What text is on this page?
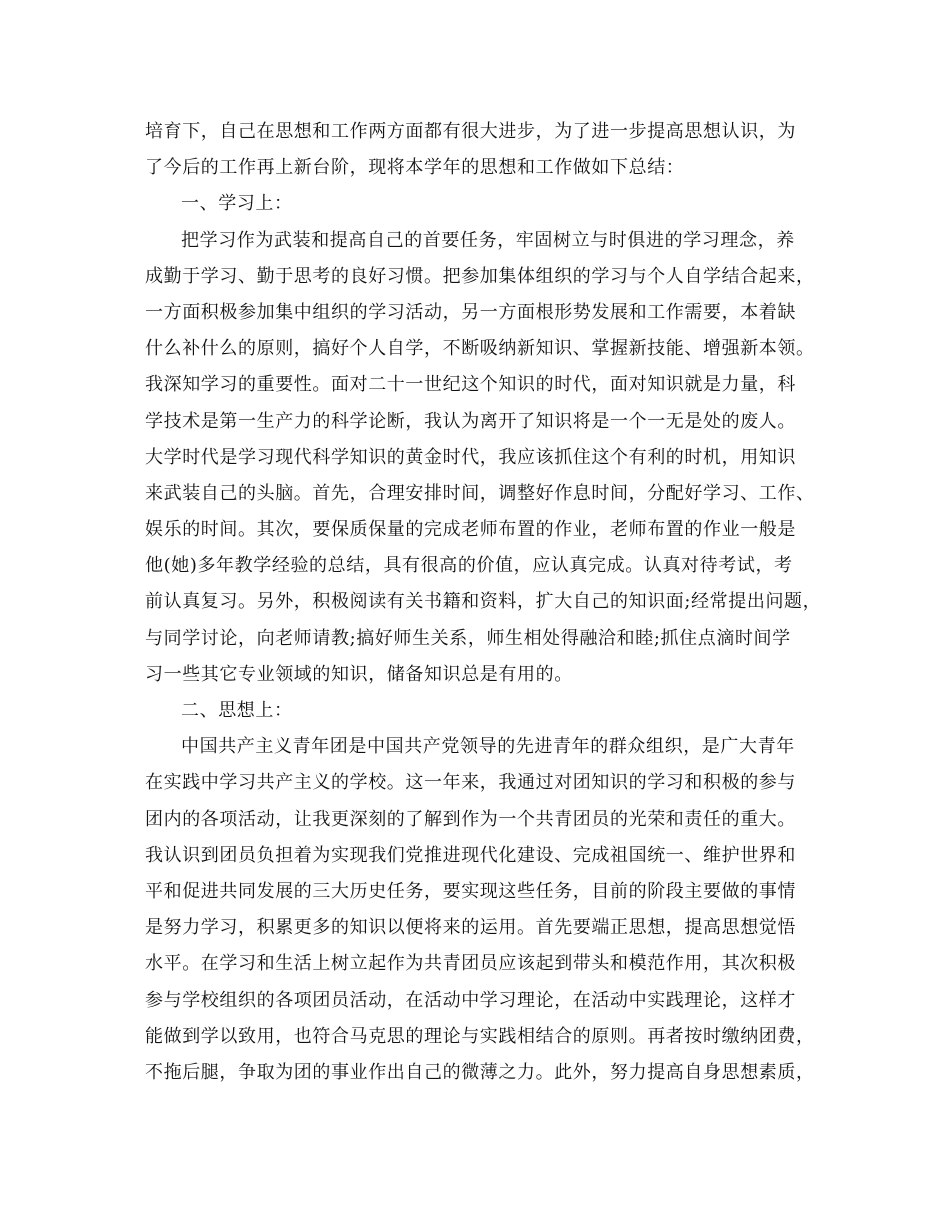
培育下，自己在思想和工作两方面都有很大进步，为了进一步提高思想认识，为
了今后的工作再上新台阶，现将本学年的思想和工作做如下总结：
一、学习上：
把学习作为武装和提高自己的首要任务，牢固树立与时俱进的学习理念，养
成勤于学习、勤于思考的良好习惯。把参加集体组织的学习与个人自学结合起来，
一方面积极参加集中组织的学习活动，另一方面根形势发展和工作需要，本着缺
什么补什么的原则，搞好个人自学，不断吸纳新知识、掌握新技能、增强新本领。
我深知学习的重要性。面对二十一世纪这个知识的时代，面对知识就是力量，科
学技术是第一生产力的科学论断，我认为离开了知识将是一个一无是处的废人。
大学时代是学习现代科学知识的黄金时代，我应该抓住这个有利的时机，用知识
来武装自己的头脑。首先，合理安排时间，调整好作息时间，分配好学习、工作、
娱乐的时间。其次，要保质保量的完成老师布置的作业，老师布置的作业一般是
他(她)多年教学经验的总结，具有很高的价值，应认真完成。认真对待考试，考
前认真复习。另外，积极阅读有关书籍和资料，扩大自己的知识面;经常提出问题，
与同学讨论，向老师请教;搞好师生关系，师生相处得融洽和睦;抓住点滴时间学
习一些其它专业领域的知识，储备知识总是有用的。
二、思想上：
中国共产主义青年团是中国共产党领导的先进青年的群众组织，是广大青年
在实践中学习共产主义的学校。这一年来，我通过对团知识的学习和积极的参与
团内的各项活动，让我更深刻的了解到作为一个共青团员的光荣和责任的重大。
我认识到团员负担着为实现我们党推进现代化建设、完成祖国统一、维护世界和
平和促进共同发展的三大历史任务，要实现这些任务，目前的阶段主要做的事情
是努力学习，积累更多的知识以便将来的运用。首先要端正思想，提高思想觉悟
水平。在学习和生活上树立起作为共青团员应该起到带头和模范作用，其次积极
参与学校组织的各项团员活动，在活动中学习理论，在活动中实践理论，这样才
能做到学以致用，也符合马克思的理论与实践相结合的原则。再者按时缴纳团费，
不拖后腿，争取为团的事业作出自己的微薄之力。此外，努力提高自身思想素质，
